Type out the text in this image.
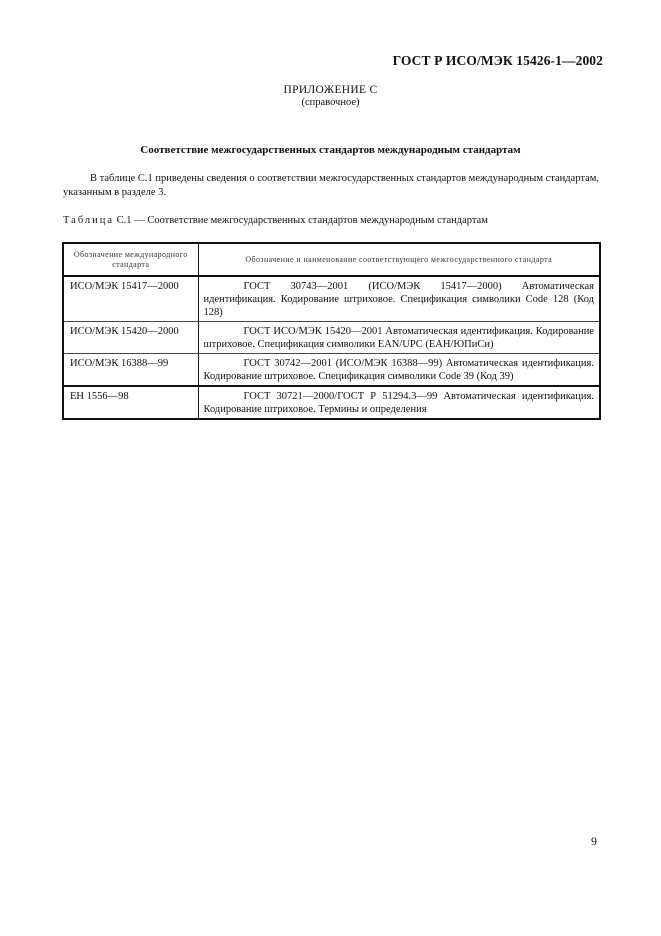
ГОСТ Р ИСО/МЭК 15426-1—2002
ПРИЛОЖЕНИЕ С
(справочное)
Соответствие межгосударственных стандартов международным стандартам
В таблице С.1 приведены сведения о соответствии межгосударственных стандартов международным стандартам, указанным в разделе 3.
Таблица С.1 — Соответствие межгосударственных стандартов международным стандартам
Обозначение международного стандарта	Обозначение и наименование соответствующего межгосударственного стандарта
ИСО/МЭК 15417—2000	ГОСТ 30743—2001 (ИСО/МЭК 15417—2000) Автоматическая идентификация. Кодирование штриховое. Спецификация символики Code 128 (Код 128)
ИСО/МЭК 15420—2000	ГОСТ ИСО/МЭК 15420—2001 Автоматическая идентификация. Кодирование штриховое. Спецификация символики EAN/UPC (ЕАН/ЮПиСи)
ИСО/МЭК 16388—99	ГОСТ 30742—2001 (ИСО/МЭК 16388—99) Автоматическая идентификация. Кодирование штриховое. Спецификация символики Code 39 (Код 39)
ЕН 1556—98	ГОСТ 30721—2000/ГОСТ Р 51294.3—99 Автоматическая идентификация. Кодирование штриховое. Термины и определения
9
